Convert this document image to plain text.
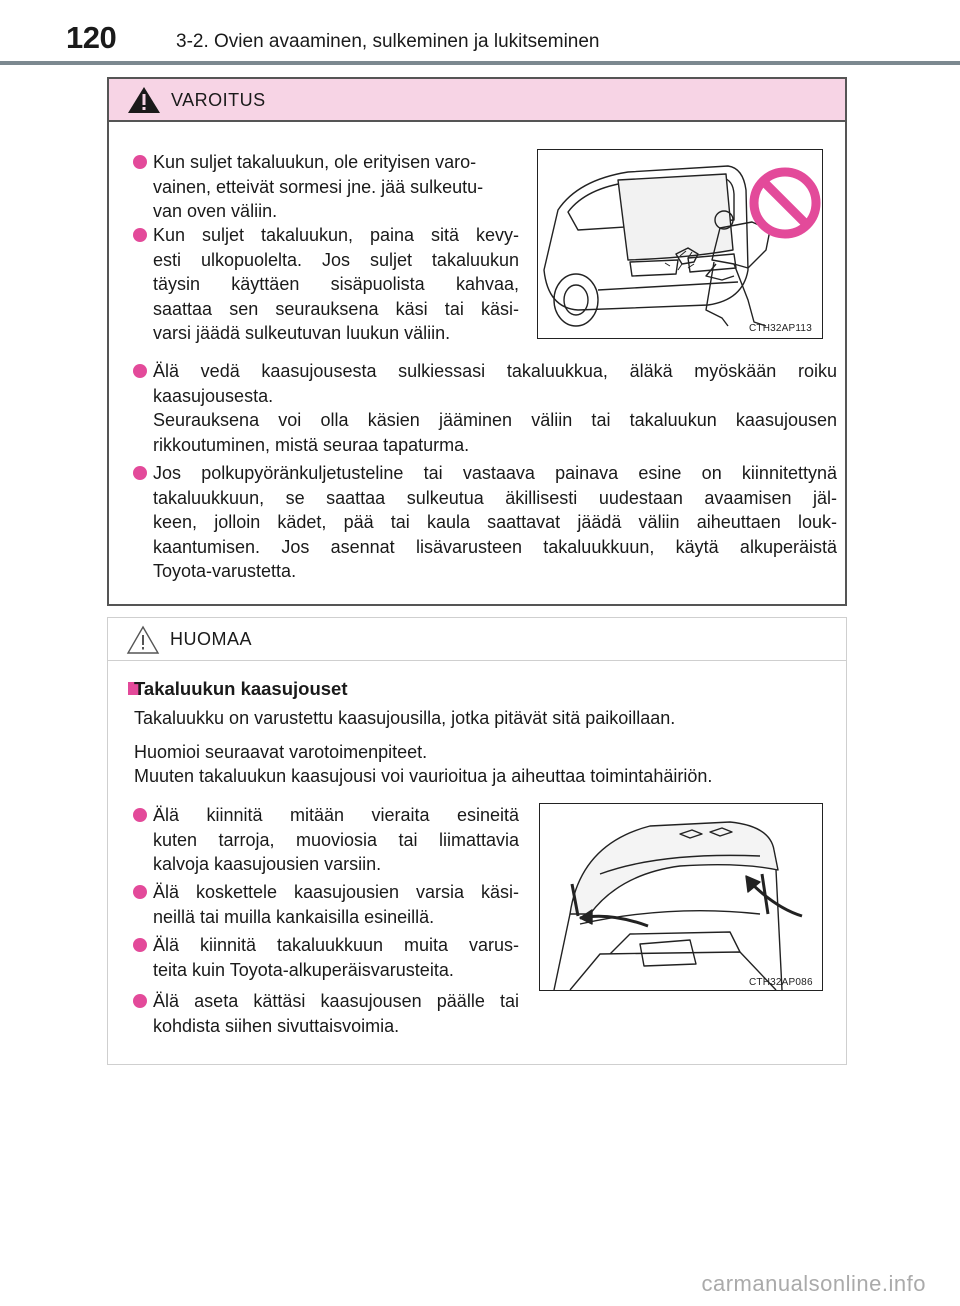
120	3-2. Ovien avaaminen, sulkeminen ja lukitseminen
VAROITUS
Kun suljet takaluukun, ole erityisen varo-
vainen, etteivät sormesi jne. jää sulkeutu-
van oven väliin.
Kun suljet takaluukun, paina sitä kevy-
esti ulkopuolelta. Jos suljet takaluukun
täysin käyttäen sisäpuolista kahvaa,
saattaa sen seurauksena käsi tai käsi-
varsi jäädä sulkeutuvan luukun väliin.	CTH32AP113
Älä vedä kaasujousesta sulkiessasi takaluukkua, äläkä myöskään roiku
kaasujousesta.
Seurauksena voi olla käsien jääminen väliin tai takaluukun kaasujousen
rikkoutuminen, mistä seuraa tapaturma.
Jos polkupyöränkuljetusteline tai vastaava painava esine on kiinnitettynä
takaluukkuun, se saattaa sulkeutua äkillisesti uudestaan avaamisen jäl-
keen, jolloin kädet, pää tai kaula saattavat jäädä väliin aiheuttaen louk-
kaantumisen. Jos asennat lisävarusteen takaluukkuun, käytä alkuperäistä
Toyota-varustetta.
HUOMAA
Takaluukun kaasujouset
Takaluukku on varustettu kaasujousilla, jotka pitävät sitä paikoillaan.
Huomioi seuraavat varotoimenpiteet.
Muuten takaluukun kaasujousi voi vaurioitua ja aiheuttaa toimintahäiriön.
Älä kiinnitä mitään vieraita esineitä
kuten tarroja, muoviosia tai liimattavia
kalvoja kaasujousien varsiin.
Älä koskettele kaasujousien varsia käsi-
neillä tai muilla kankaisilla esineillä.
Älä kiinnitä takaluukkuun muita varus-
teita kuin Toyota-alkuperäisvarusteita.
Älä aseta kättäsi kaasujousen päälle tai
kohdista siihen sivuttaisvoimia.
CTH32AP086
carmanualsonline.info
